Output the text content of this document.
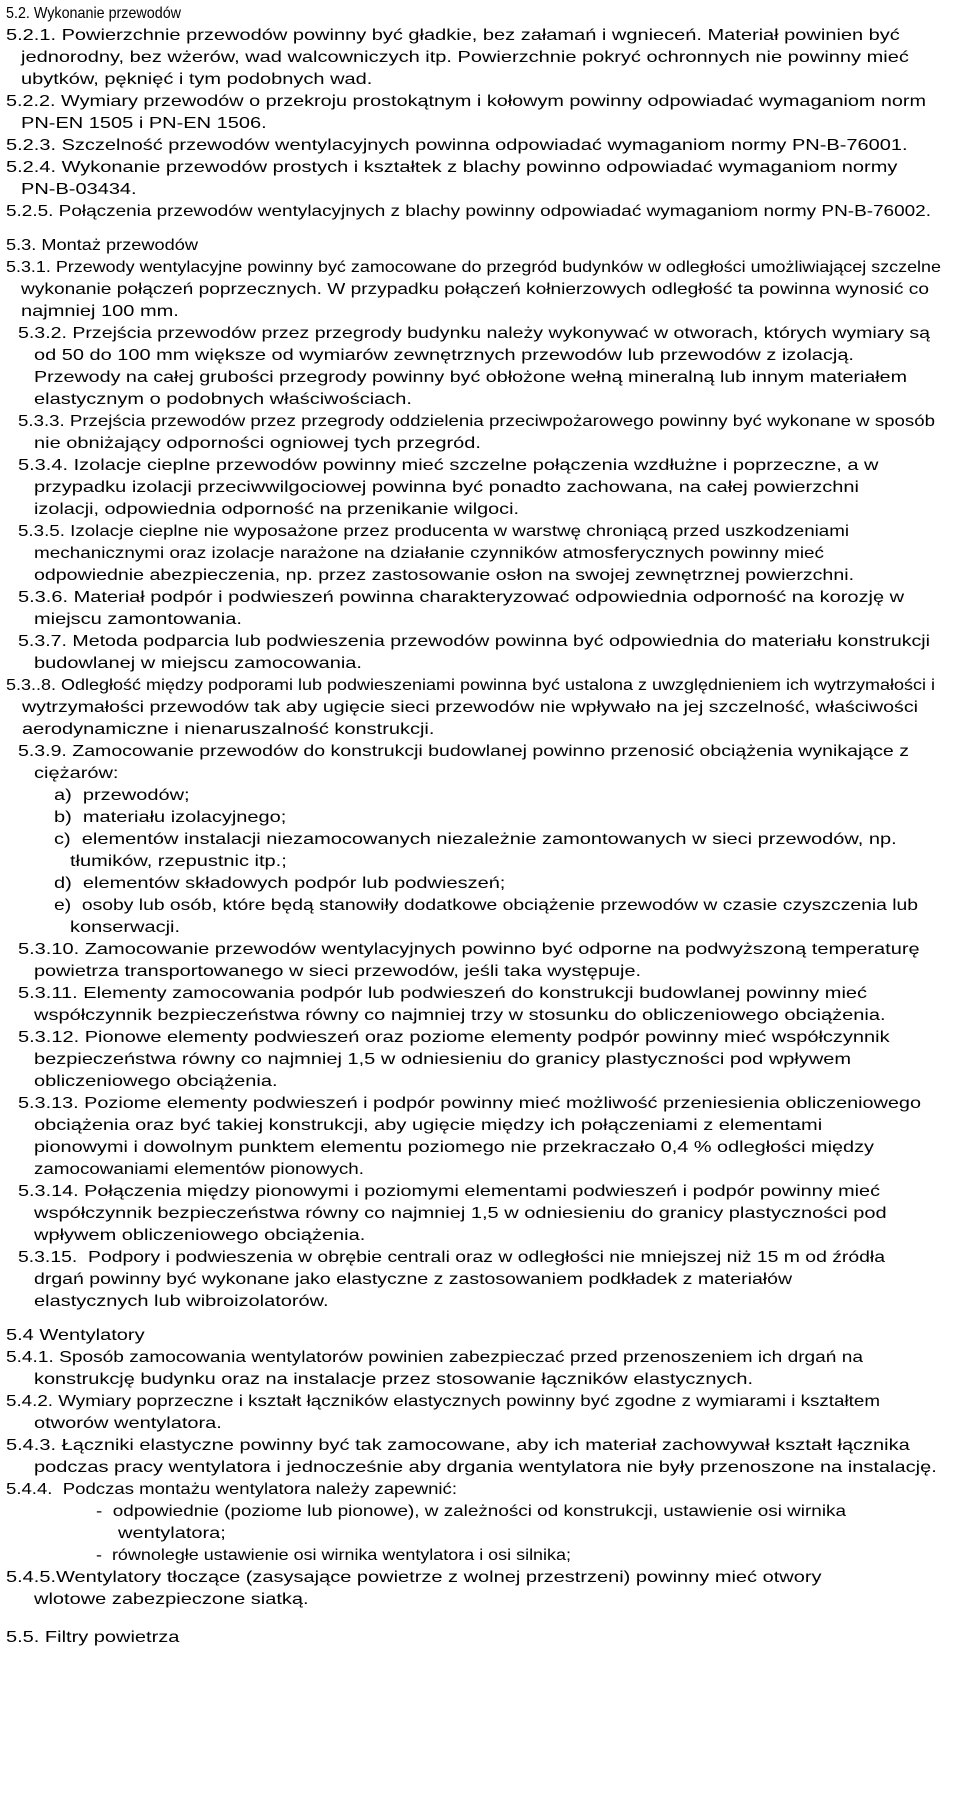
5.2. Wykonanie przewodów
5.2.1. Powierzchnie przewodów powinny być gładkie, bez załamań i wgnieceń. Materiał powinien być
jednorodny, bez wżerów, wad walcowniczych itp. Powierzchnie pokryć ochronnych nie powinny mieć
ubytków, pęknięć i tym podobnych wad.
5.2.2. Wymiary przewodów o przekroju prostokątnym i kołowym powinny odpowiadać wymaganiom norm
PN-EN 1505 i PN-EN 1506.
5.2.3. Szczelność przewodów wentylacyjnych powinna odpowiadać wymaganiom normy PN-B-76001.
5.2.4. Wykonanie przewodów prostych i kształtek z blachy powinno odpowiadać wymaganiom normy
PN-B-03434.
5.2.5. Połączenia przewodów wentylacyjnych z blachy powinny odpowiadać wymaganiom normy PN-B-76002.
5.3. Montaż przewodów
5.3.1. Przewody wentylacyjne powinny być zamocowane do przegród budynków w odległości umożliwiającej szczelne
wykonanie połączeń poprzecznych. W przypadku połączeń kołnierzowych odległość ta powinna wynosić co
najmniej 100 mm.
5.3.2. Przejścia przewodów przez przegrody budynku należy wykonywać w otworach, których wymiary są
od 50 do 100 mm większe od wymiarów zewnętrznych przewodów lub przewodów z izolacją.
Przewody na całej grubości przegrody powinny być obłożone wełną mineralną lub innym materiałem
elastycznym o podobnych właściwościach.
5.3.3. Przejścia przewodów przez przegrody oddzielenia przeciwpożarowego powinny być wykonane w sposób
nie obniżający odporności ogniowej tych przegród.
5.3.4. Izolacje cieplne przewodów powinny mieć szczelne połączenia wzdłużne i poprzeczne, a w
przypadku izolacji przeciwwilgociowej powinna być ponadto zachowana, na całej powierzchni
izolacji, odpowiednia odporność na przenikanie wilgoci.
5.3.5. Izolacje cieplne nie wyposażone przez producenta w warstwę chroniącą przed uszkodzeniami
mechanicznymi oraz izolacje narażone na działanie czynników atmosferycznych powinny mieć
odpowiednie abezpieczenia, np. przez zastosowanie osłon na swojej zewnętrznej powierzchni.
5.3.6. Materiał podpór i podwieszeń powinna charakteryzować odpowiednia odporność na korozję w
miejscu zamontowania.
5.3.7. Metoda podparcia lub podwieszenia przewodów powinna być odpowiednia do materiału konstrukcji
budowlanej w miejscu zamocowania.
5.3..8. Odległość między podporami lub podwieszeniami powinna być ustalona z uwzględnieniem ich wytrzymałości i
wytrzymałości przewodów tak aby ugięcie sieci przewodów nie wpływało na jej szczelność, właściwości
aerodynamiczne i nienaruszalność konstrukcji.
5.3.9. Zamocowanie przewodów do konstrukcji budowlanej powinno przenosić obciążenia wynikające z
ciężarów:
a)  przewodów;
b)  materiału izolacyjnego;
c)  elementów instalacji niezamocowanych niezależnie zamontowanych w sieci przewodów, np.
tłumików, rzepustnic itp.;
d)  elementów składowych podpór lub podwieszeń;
e)  osoby lub osób, które będą stanowiły dodatkowe obciążenie przewodów w czasie czyszczenia lub
konserwacji.
5.3.10. Zamocowanie przewodów wentylacyjnych powinno być odporne na podwyższoną temperaturę
powietrza transportowanego w sieci przewodów, jeśli taka występuje.
5.3.11. Elementy zamocowania podpór lub podwieszeń do konstrukcji budowlanej powinny mieć
współczynnik bezpieczeństwa równy co najmniej trzy w stosunku do obliczeniowego obciążenia.
5.3.12. Pionowe elementy podwieszeń oraz poziome elementy podpór powinny mieć współczynnik
bezpieczeństwa równy co najmniej 1,5 w odniesieniu do granicy plastyczności pod wpływem
obliczeniowego obciążenia.
5.3.13. Poziome elementy podwieszeń i podpór powinny mieć możliwość przeniesienia obliczeniowego
obciążenia oraz być takiej konstrukcji, aby ugięcie między ich połączeniami z elementami
pionowymi i dowolnym punktem elementu poziomego nie przekraczało 0,4 % odległości między
zamocowaniami elementów pionowych.
5.3.14. Połączenia między pionowymi i poziomymi elementami podwieszeń i podpór powinny mieć
współczynnik bezpieczeństwa równy co najmniej 1,5 w odniesieniu do granicy plastyczności pod
wpływem obliczeniowego obciążenia.
5.3.15.  Podpory i podwieszenia w obrębie centrali oraz w odległości nie mniejszej niż 15 m od źródła
drgań powinny być wykonane jako elastyczne z zastosowaniem podkładek z materiałów
elastycznych lub wibroizolatorów.
5.4 Wentylatory
5.4.1. Sposób zamocowania wentylatorów powinien zabezpieczać przed przenoszeniem ich drgań na
konstrukcję budynku oraz na instalacje przez stosowanie łączników elastycznych.
5.4.2. Wymiary poprzeczne i kształt łączników elastycznych powinny być zgodne z wymiarami i kształtem
otworów wentylatora.
5.4.3. Łączniki elastyczne powinny być tak zamocowane, aby ich materiał zachowywał kształt łącznika
podczas pracy wentylatora i jednocześnie aby drgania wentylatora nie były przenoszone na instalację.
5.4.4.  Podczas montażu wentylatora należy zapewnić:
-  odpowiednie (poziome lub pionowe), w zależności od konstrukcji, ustawienie osi wirnika
wentylatora;
-  równoległe ustawienie osi wirnika wentylatora i osi silnika;
5.4.5.Wentylatory tłoczące (zasysające powietrze z wolnej przestrzeni) powinny mieć otwory
wlotowe zabezpieczone siatką.
5.5. Filtry powietrza
